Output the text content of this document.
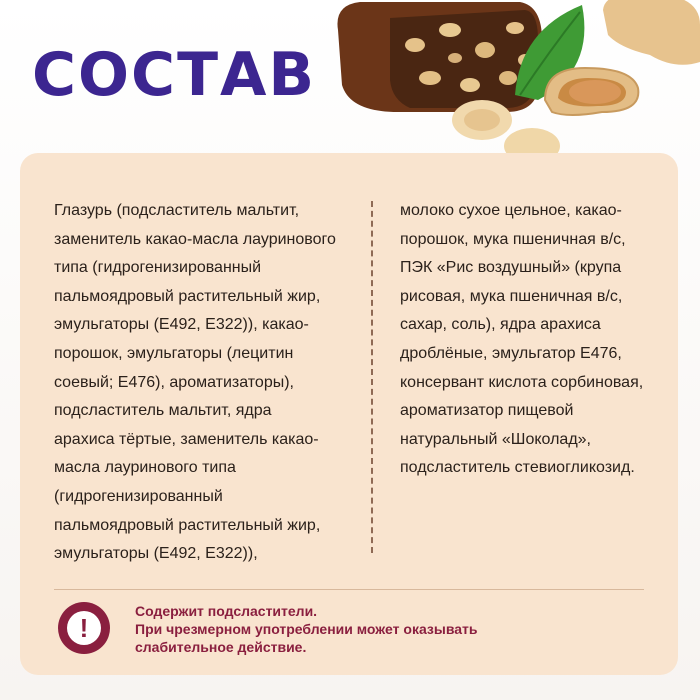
СОСТАВ
Глазурь (подсластитель мальтит,
заменитель какао-масла лауринового
типа (гидрогенизированный
пальмоядровый растительный жир,
эмульгаторы (Е492, Е322)), какао-
порошок, эмульгаторы (лецитин
соевый; Е476), ароматизаторы),
подсластитель мальтит, ядра
арахиса тёртые, заменитель какао-
масла лауринового типа
(гидрогенизированный
пальмоядровый растительный жир,
эмульгаторы (Е492, Е322)),
молоко сухое цельное, какао-
порошок, мука пшеничная в/с,
ПЭК «Рис воздушный» (крупа
рисовая, мука пшеничная в/с,
сахар, соль), ядра арахиса
дроблёные, эмульгатор Е476,
консервант кислота сорбиновая,
ароматизатор пищевой
натуральный «Шоколад»,
подсластитель стевиогликозид.
!
Содержит подсластители.
При чрезмерном употреблении может оказывать
слабительное действие.
